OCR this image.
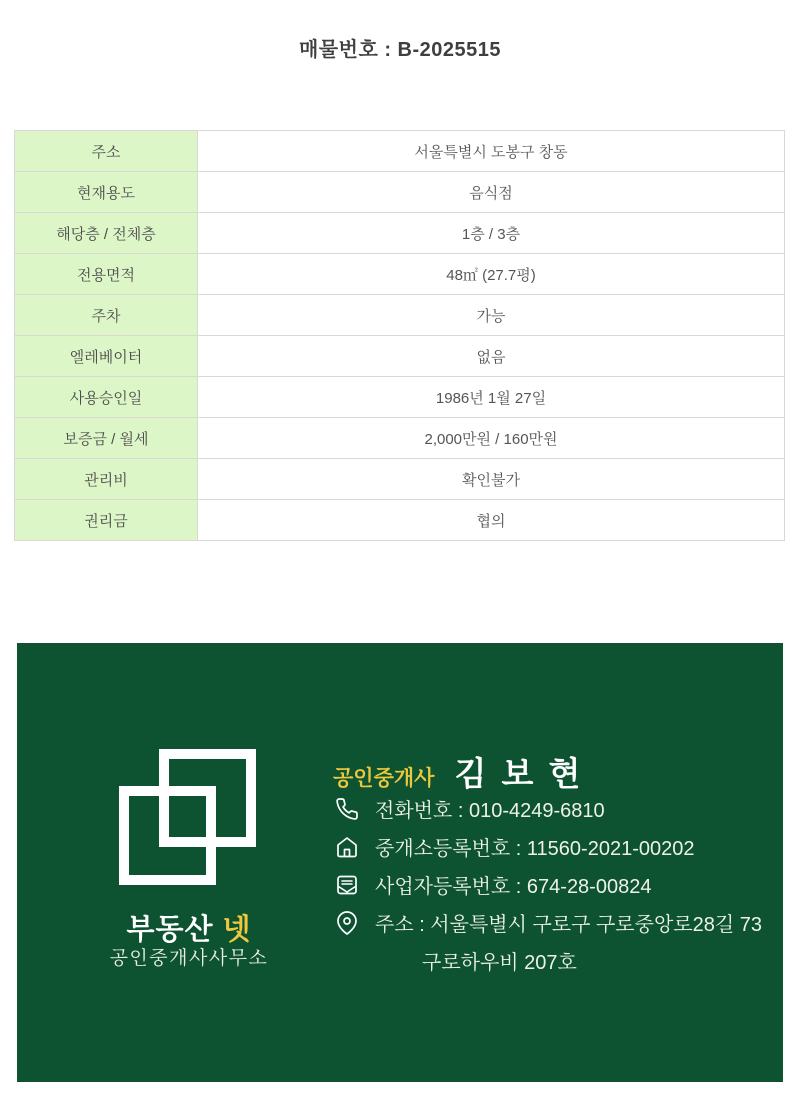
매물번호 : B-2025515
주소	서울특별시 도봉구 창동
현재용도	음식점
해당층 / 전체층	1층 / 3층
전용면적	48㎡ (27.7평)
주차	가능
엘레베이터	없음
사용승인일	1986년 1월 27일
보증금 / 월세	2,000만원 / 160만원
관리비	확인불가
권리금	협의
부동산 넷
공인중개사사무소
공인중개사 김 보 현
전화번호 : 010-4249-6810
중개소등록번호 : 11560-2021-00202
사업자등록번호 : 674-28-00824
주소 : 서울특별시 구로구 구로중앙로28길 73
구로하우비 207호
